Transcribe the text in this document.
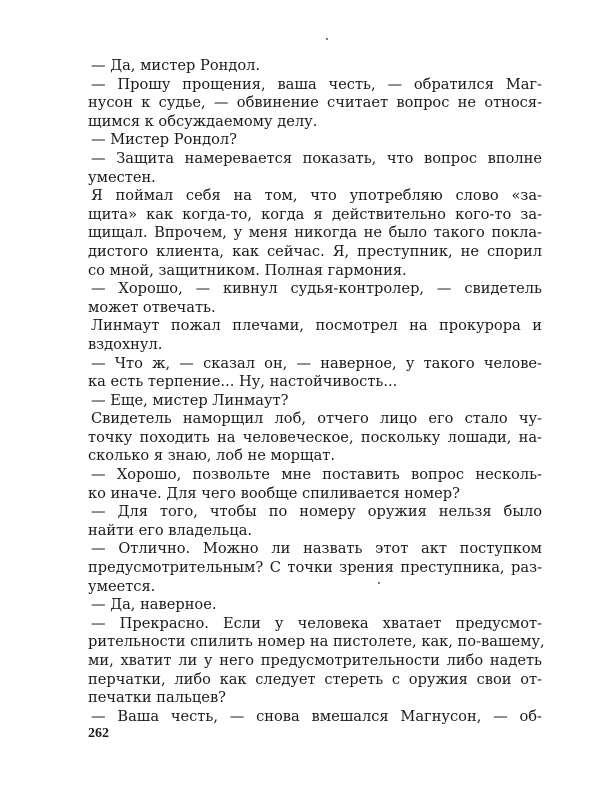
— Да, мистер Рондол.
— Прошу прощения, ваша честь, — обратился Маг-
нусон к судье, — обвинение считает вопрос не относя-
щимся к обсуждаемому делу.
— Мистер Рондол?
— Защита намеревается показать, что вопрос вполне
уместен.
Я поймал себя на том, что употребляю слово «за-
щита» как когда-то, когда я действительно кого-то за-
щищал. Впрочем, у меня никогда не было такого покла-
дистого клиента, как сейчас. Я, преступник, не спорил
со мной, защитником. Полная гармония.
— Хорошо, — кивнул судья-контролер, — свидетель
может отвечать.
Линмаут пожал плечами, посмотрел на прокурора и
вздохнул.
— Что ж, — сказал он, — наверное, у такого челове-
ка есть терпение... Ну, настойчивость...
— Еще, мистер Линмаут?
Свидетель наморщил лоб, отчего лицо его стало чу-
точку походить на человеческое, поскольку лошади, на-
сколько я знаю, лоб не морщат.
— Хорошо, позвольте мне поставить вопрос несколь-
ко иначе. Для чего вообще спиливается номер?
— Для того, чтобы по номеру оружия нельзя было
найти его владельца.
— Отлично. Можно ли назвать этот акт поступком
предусмотрительным? С точки зрения преступника, раз-
умеется.
— Да, наверное.
— Прекрасно. Если у человека хватает предусмот-
рительности спилить номер на пистолете, как, по-вашему,
ми, хватит ли у него предусмотрительности либо надеть
перчатки, либо как следует стереть с оружия свои от-
печатки пальцев?
— Ваша честь, — снова вмешался Магнусон, — об-
262
